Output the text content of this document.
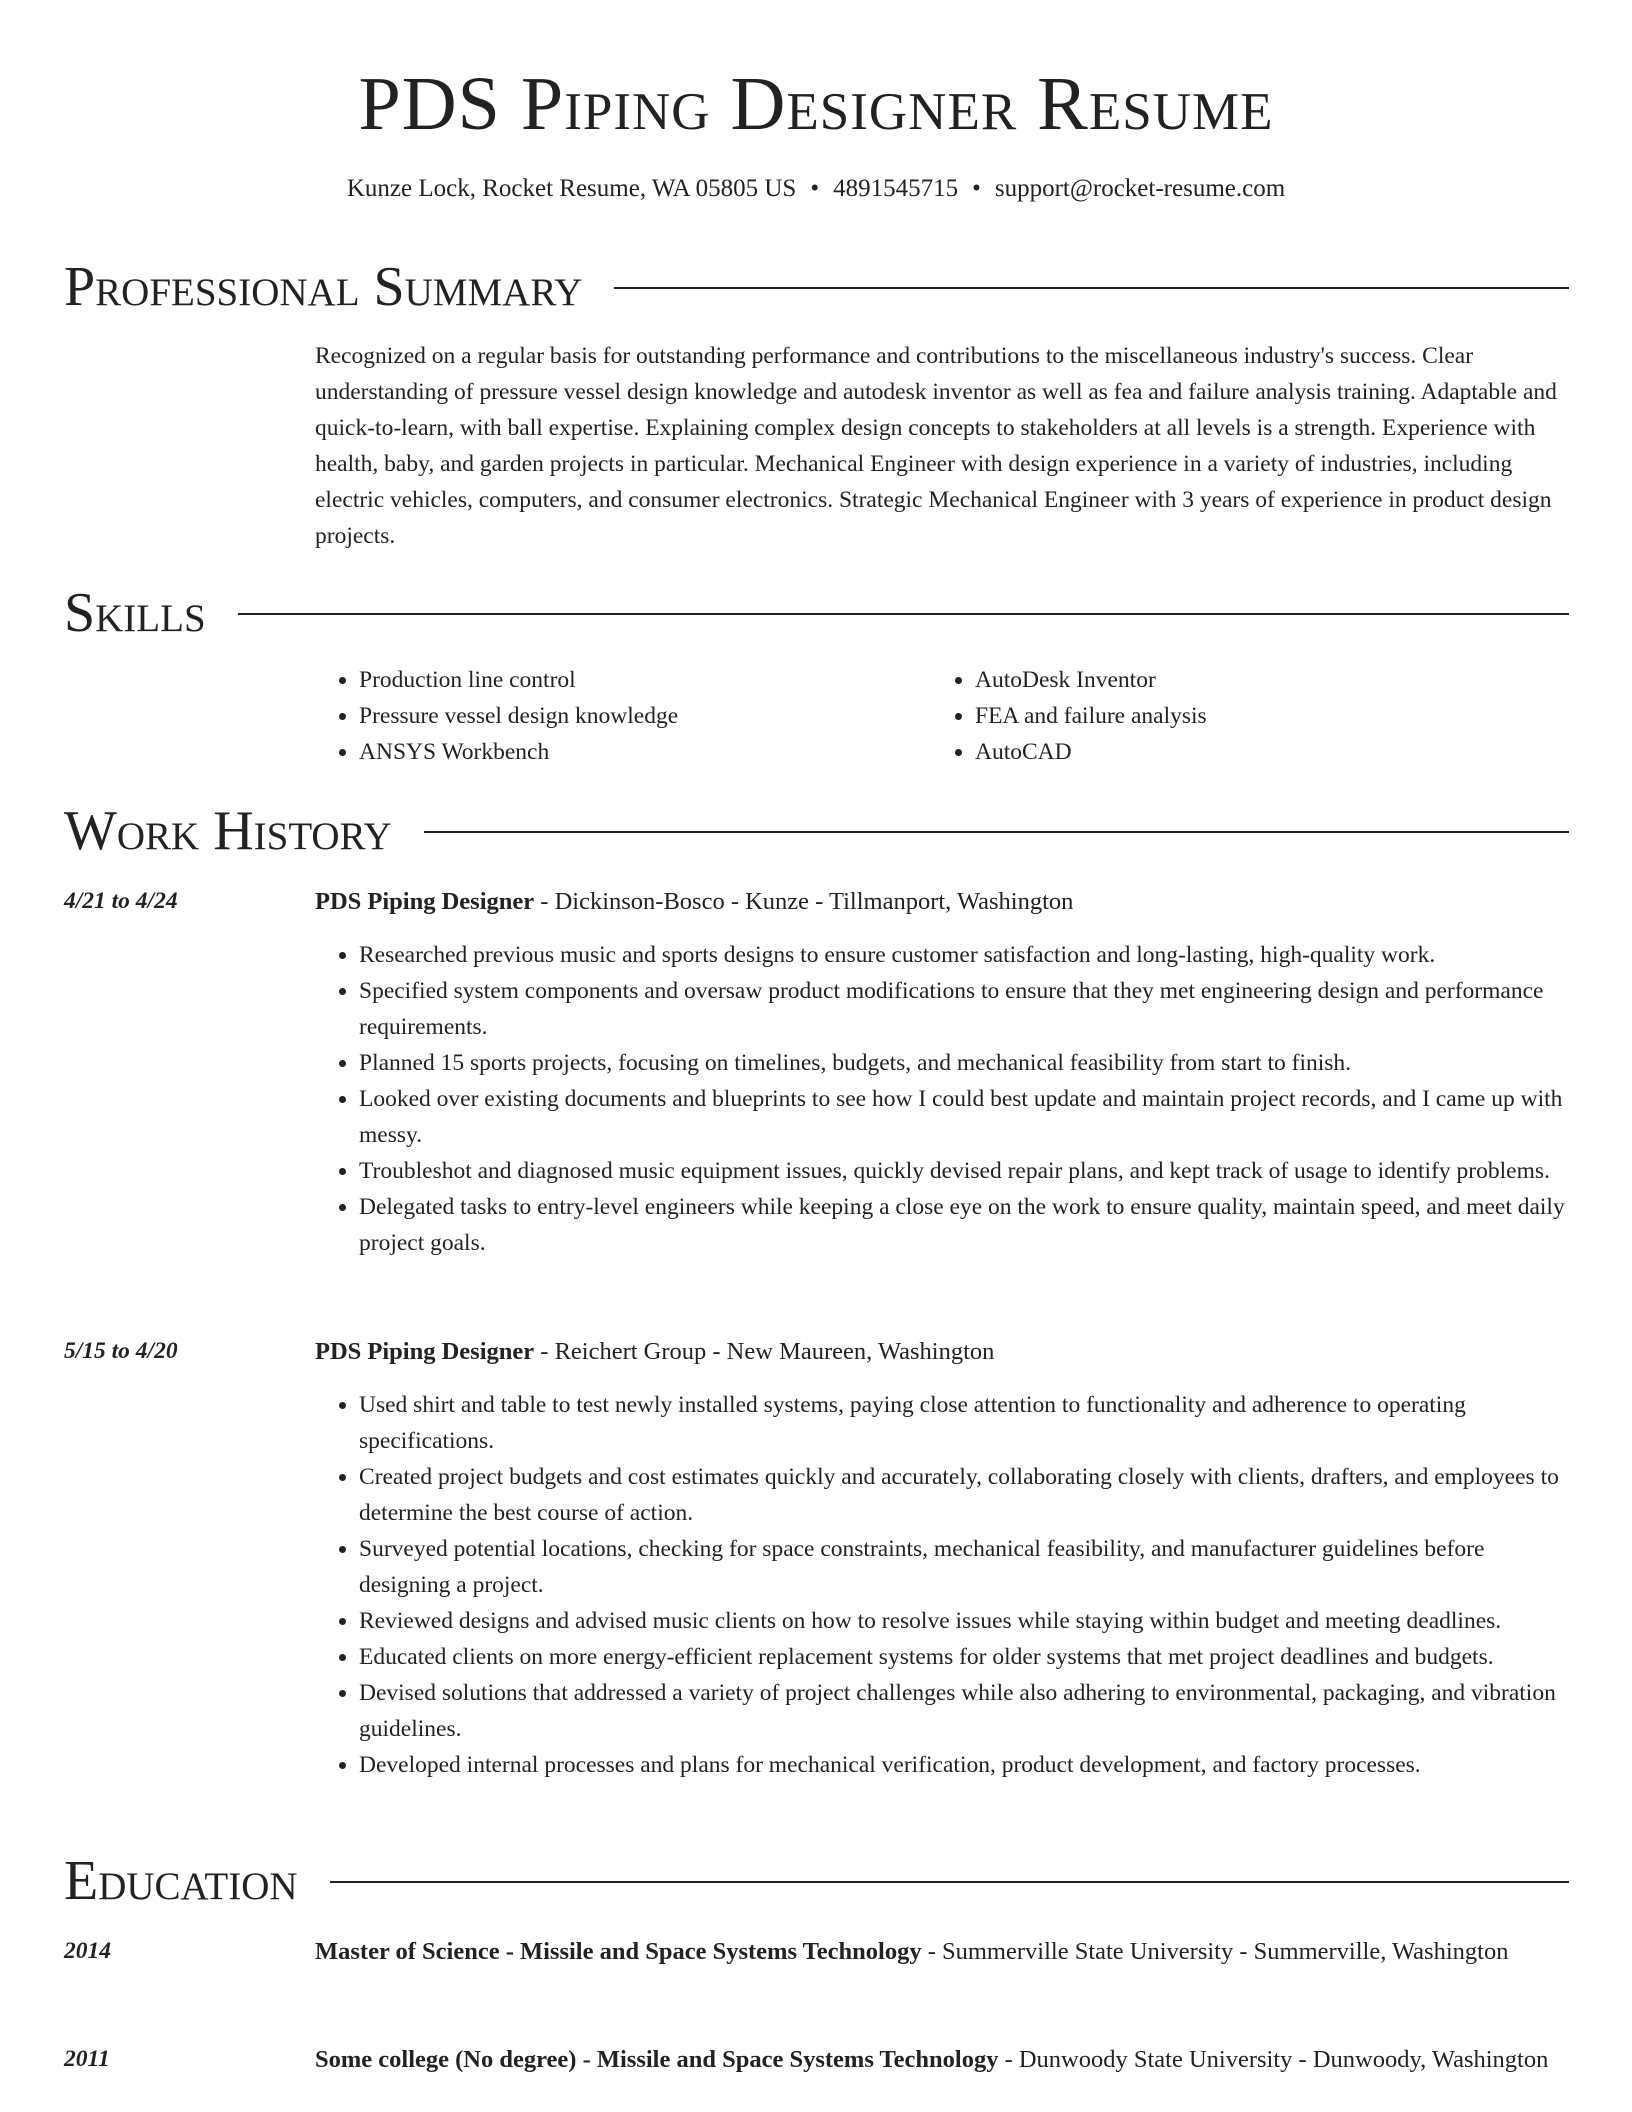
PDS Piping Designer Resume
Kunze Lock, Rocket Resume, WA 05805 US • 4891545715 • support@rocket-resume.com
Professional Summary
Recognized on a regular basis for outstanding performance and contributions to the miscellaneous industry's success. Clear understanding of pressure vessel design knowledge and autodesk inventor as well as fea and failure analysis training. Adaptable and quick-to-learn, with ball expertise. Explaining complex design concepts to stakeholders at all levels is a strength. Experience with health, baby, and garden projects in particular. Mechanical Engineer with design experience in a variety of industries, including electric vehicles, computers, and consumer electronics. Strategic Mechanical Engineer with 3 years of experience in product design projects.
Skills
• Production line control
• Pressure vessel design knowledge
• ANSYS Workbench
• AutoDesk Inventor
• FEA and failure analysis
• AutoCAD
Work History
4/21 to 4/24	PDS Piping Designer - Dickinson-Bosco - Kunze - Tillmanport, Washington
• Researched previous music and sports designs to ensure customer satisfaction and long-lasting, high-quality work.
• Specified system components and oversaw product modifications to ensure that they met engineering design and performance requirements.
• Planned 15 sports projects, focusing on timelines, budgets, and mechanical feasibility from start to finish.
• Looked over existing documents and blueprints to see how I could best update and maintain project records, and I came up with messy.
• Troubleshot and diagnosed music equipment issues, quickly devised repair plans, and kept track of usage to identify problems.
• Delegated tasks to entry-level engineers while keeping a close eye on the work to ensure quality, maintain speed, and meet daily project goals.
5/15 to 4/20	PDS Piping Designer - Reichert Group - New Maureen, Washington
• Used shirt and table to test newly installed systems, paying close attention to functionality and adherence to operating specifications.
• Created project budgets and cost estimates quickly and accurately, collaborating closely with clients, drafters, and employees to determine the best course of action.
• Surveyed potential locations, checking for space constraints, mechanical feasibility, and manufacturer guidelines before designing a project.
• Reviewed designs and advised music clients on how to resolve issues while staying within budget and meeting deadlines.
• Educated clients on more energy-efficient replacement systems for older systems that met project deadlines and budgets.
• Devised solutions that addressed a variety of project challenges while also adhering to environmental, packaging, and vibration guidelines.
• Developed internal processes and plans for mechanical verification, product development, and factory processes.
Education
2014	Master of Science - Missile and Space Systems Technology - Summerville State University - Summerville, Washington
2011	Some college (No degree) - Missile and Space Systems Technology - Dunwoody State University - Dunwoody, Washington
